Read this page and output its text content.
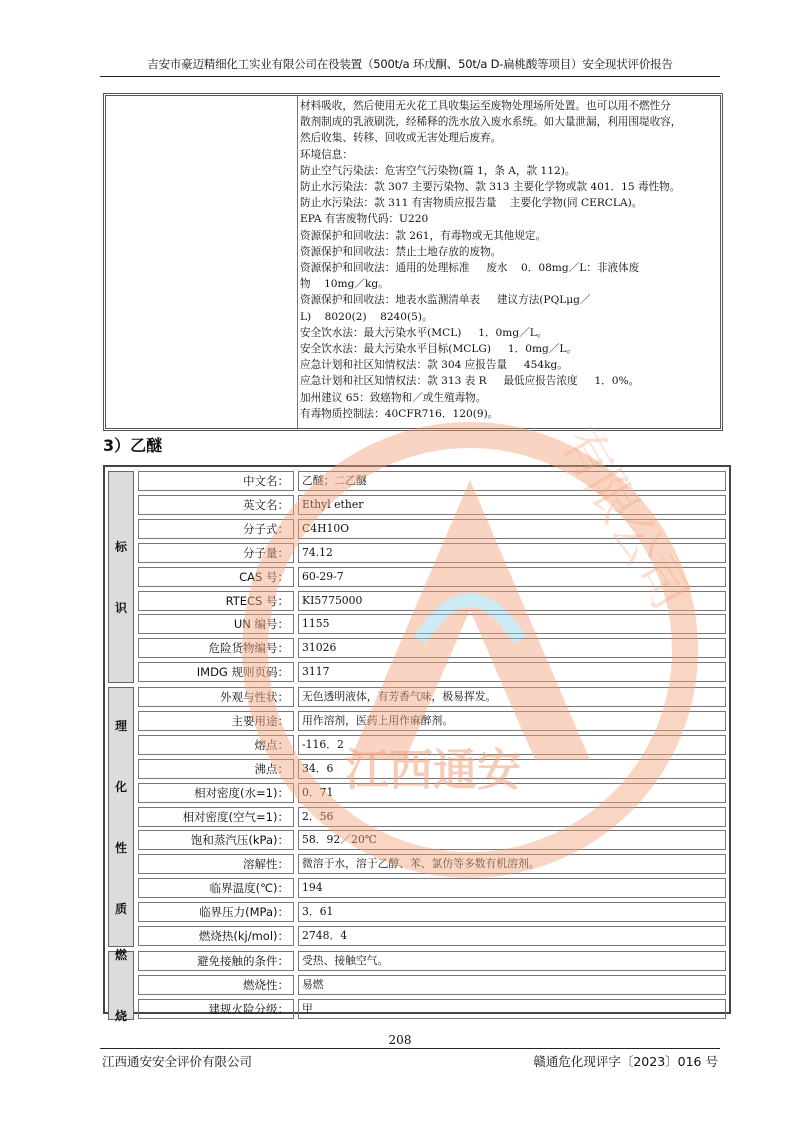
吉安市豪迈精细化工实业有限公司在役装置（500t/a 环戊酮、50t/a D-扁桃酸等项目）安全现状评价报告

材料吸收，然后使用无火花工具收集运至废物处理场所处置。也可以用不燃性分

散剂制成的乳液刷洗，经稀释的洗水放入废水系统。如大量泄漏，利用围堤收容，

然后收集、转移、回收或无害处理后废弃。

环境信息：

防止空气污染法：危害空气污染物(篇 1，条 A，款 112)。

防止水污染法：款 307 主要污染物、款 313 主要化学物或款 401．15 毒性物。

防止水污染法：款 311 有害物质应报告量    主要化学物(同 CERCLA)。

EPA 有害废物代码：U220

资源保护和回收法：款 261，有毒物或无其他规定。

资源保护和回收法：禁止土地存放的废物。

资源保护和回收法：通用的处理标准     废水    0．08mg／L：非液体废

物    10mg／kg。

资源保护和回收法：地表水监测清单表     建议方法(PQLμg／

L)    8020(2)    8240(5)。

安全饮水法：最大污染水平(MCL)     1．0mg／L。

安全饮水法：最大污染水平目标(MCLG)     1．0mg／L。

应急计划和社区知情权法：款 304 应报告量     454kg。

应急计划和社区知情权法：款 313 表 R     最低应报告浓度     1．0%。

加州建议 65：致癌物和／或生殖毒物。

有毒物质控制法：40CFR716．120(9)。

3）乙醚
标
识
中文名：	乙醚；二乙醚
英文名：	Ethyl ether
分子式：	C4H10O
分子量：	74.12
CAS 号：	60-29-7
RTECS 号：	KI5775000
UN 编号：	1155
危险货物编号：	31026
IMDG 规则页码：	3117
理
化
性
质
外观与性状：	无色透明液体，有芳香气味，极易挥发。
主要用途：	用作溶剂，医药上用作麻醉剂。
熔点：	-116．2
沸点：	34．6
相对密度(水=1)：	0．71
相对密度(空气=1)：	2．56
饱和蒸汽压(kPa)：	58．92／20℃
溶解性：	微溶于水，溶于乙醇、苯、氯仿等多数有机溶剂。
临界温度(℃)：	194
临界压力(MPa)：	3．61
燃烧热(kj/mol)：	2748．4
燃
烧
避免接触的条件：	受热、接触空气。
燃烧性：	易燃
建规火险分级：	甲
江西通安
有限公司
208
江西通安安全评价有限公司	赣通危化现评字〔2023〕016 号
